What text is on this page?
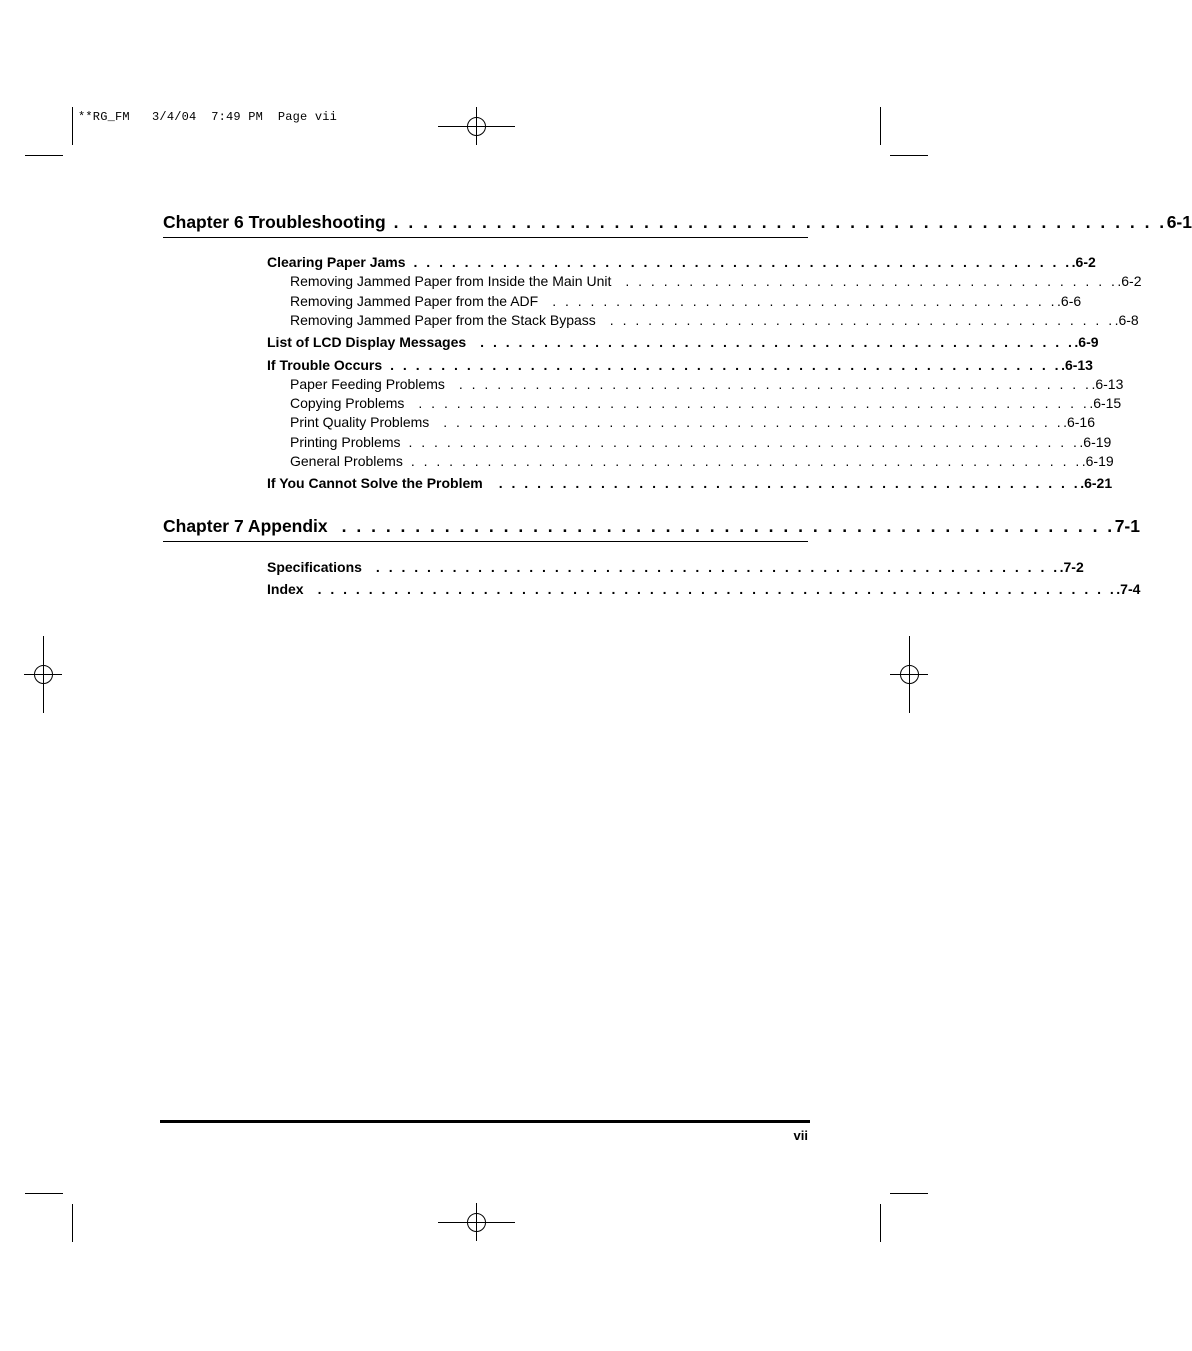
**RG_FM   3/4/04  7:49 PM  Page vii
Chapter 6 Troubleshooting . . . . . . . . . . . . . . . . . . . . . . . . . . . . . . . . . . . . . . . . . . . . . . . . . . . . . 6-1
Clearing Paper Jams . . . . . . . . . . . . . . . . . . . . . . . . . . . . . . . . . . . . . . . . . . . . . . . . . . . . .6-2
Removing Jammed Paper from Inside the Main Unit	. . . . . . . . . . . . . . . . . . . . . . . . . . . . . . . . . . . . . . . .6-2
Removing Jammed Paper from the ADF	. . . . . . . . . . . . . . . . . . . . . . . . . . . . . . . . . . . . . . . . .6-6
Removing Jammed Paper from the Stack Bypass	. . . . . . . . . . . . . . . . . . . . . . . . . . . . . . . . . . . . . . . . .6-8
List of LCD Display Messages	. . . . . . . . . . . . . . . . . . . . . . . . . . . . . . . . . . . . . . . . . . . . . . . .6-9
If Trouble Occurs . . . . . . . . . . . . . . . . . . . . . . . . . . . . . . . . . . . . . . . . . . . . . . . . . . . . . .6-13
Paper Feeding Problems	. . . . . . . . . . . . . . . . . . . . . . . . . . . . . . . . . . . . . . . . . . . . . . . . . . .6-13
Copying Problems	. . . . . . . . . . . . . . . . . . . . . . . . . . . . . . . . . . . . . . . . . . . . . . . . . . . . . .6-15
Print Quality Problems	. . . . . . . . . . . . . . . . . . . . . . . . . . . . . . . . . . . . . . . . . . . . . . . . . .6-16
Printing Problems . . . . . . . . . . . . . . . . . . . . . . . . . . . . . . . . . . . . . . . . . . . . . . . . . . . . . .6-19
General Problems . . . . . . . . . . . . . . . . . . . . . . . . . . . . . . . . . . . . . . . . . . . . . . . . . . . . . .6-19
If You Cannot Solve the Problem	. . . . . . . . . . . . . . . . . . . . . . . . . . . . . . . . . . . . . . . . . . . . . . .6-21
Chapter 7 Appendix . . . . . . . . . . . . . . . . . . . . . . . . . . . . . . . . . . . . . . . . . . . . . . . . . . . . . 7-1
Specifications	. . . . . . . . . . . . . . . . . . . . . . . . . . . . . . . . . . . . . . . . . . . . . . . . . . . . . . .7-2
Index	. . . . . . . . . . . . . . . . . . . . . . . . . . . . . . . . . . . . . . . . . . . . . . . . . . . . . . . . . . . . . . . .7-4
vii
